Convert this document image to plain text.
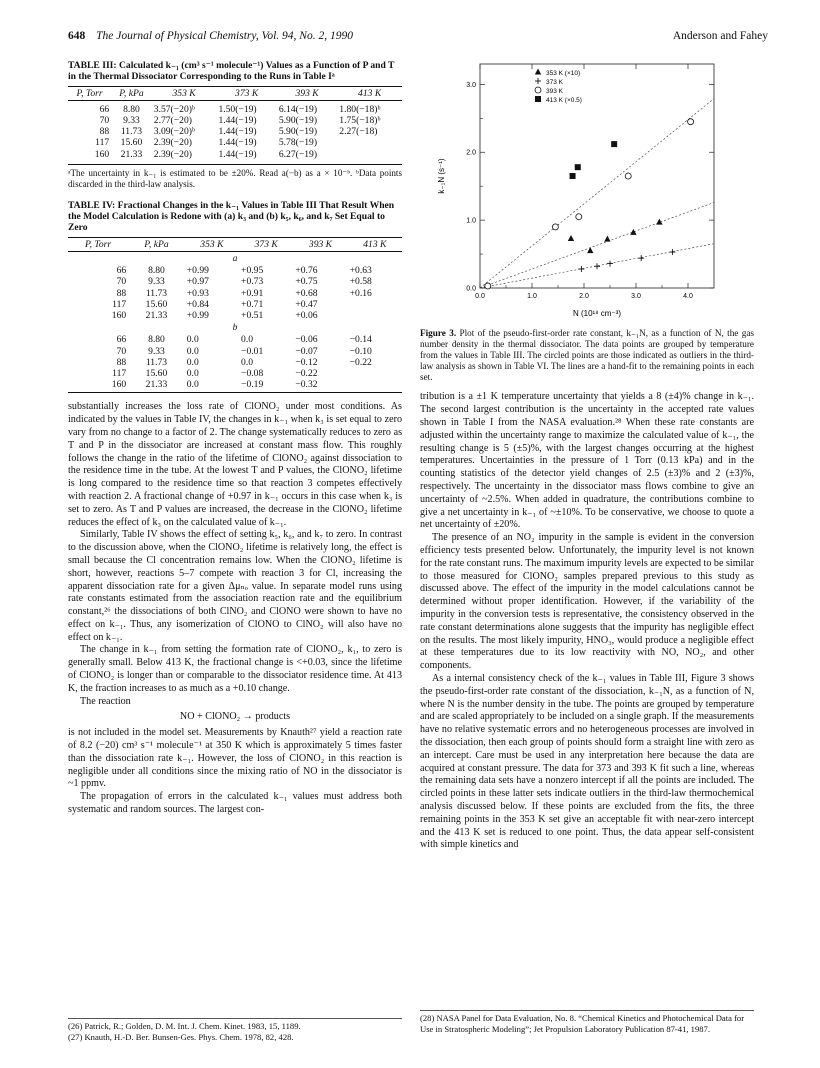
648 The Journal of Physical Chemistry, Vol. 94, No. 2, 1990	Anderson and Fahey
TABLE III: Calculated k₋₁ (cm³ s⁻¹ molecule⁻¹) Values as a Function of P and T in the Thermal Dissociator Corresponding to the Runs in Table Iᵃ
P, Torr	P, kPa	353 K	373 K	393 K	413 K
66	8.80	3.57(−20)ᵇ	1.50(−19)	6.14(−19)	1.80(−18)ᵇ
70	9.33	2.77(−20)	1.44(−19)	5.90(−19)	1.75(−18)ᵇ
88	11.73	3.09(−20)ᵇ	1.44(−19)	5.90(−19)	2.27(−18)
117	15.60	2.39(−20)	1.44(−19)	5.78(−19)	
160	21.33	2.39(−20)	1.44(−19)	6.27(−19)	
ᵃThe uncertainty in k₋₁ is estimated to be ±20%. Read a(−b) as a × 10⁻ᵇ. ᵇData points discarded in the third-law analysis.
TABLE IV: Fractional Changes in the k₋₁ Values in Table III That Result When the Model Calculation is Redone with (a) k₃ and (b) k₅, k₆, and k₇ Set Equal to Zero
P, Torr	P, kPa	353 K	373 K	393 K	413 K
a					
66	8.80	+0.99	+0.95	+0.76	+0.63
70	9.33	+0.97	+0.73	+0.75	+0.58
88	11.73	+0.93	+0.91	+0.68	+0.16
117	15.60	+0.84	+0.71	+0.47	
160	21.33	+0.99	+0.51	+0.06	
b					
66	8.80	0.0	0.0	−0.06	−0.14
70	9.33	0.0	−0.01	−0.07	−0.10
88	11.73	0.0	0.0	−0.12	−0.22
117	15.60	0.0	−0.08	−0.22	
160	21.33	0.0	−0.19	−0.32	

substantially increases the loss rate of ClONO₂ under most conditions. As indicated by the values in Table IV, the changes in k₋₁ when k₃ is set equal to zero vary from no change to a factor of 2. The change systematically reduces to zero as T and P in the dissociator are increased at constant mass flow. This roughly follows the change in the ratio of the lifetime of ClONO₂ against dissociation to the residence time in the tube. At the lowest T and P values, the ClONO₂ lifetime is long compared to the residence time so that reaction 3 competes effectively with reaction 2. A fractional change of +0.97 in k₋₁ occurs in this case when k₃ is set to zero. As T and P values are increased, the decrease in the ClONO₂ lifetime reduces the effect of k₃ on the calculated value of k₋₁.

Similarly, Table IV shows the effect of setting k₅, k₆, and k₇ to zero. In contrast to the discussion above, when the ClONO₂ lifetime is relatively long, the effect is small because the Cl concentration remains low. When the ClONO₂ lifetime is short, however, reactions 5–7 compete with reaction 3 for Cl, increasing the apparent dissociation rate for a given Δμₙₒ value. In separate model runs using rate constants estimated from the association reaction rate and the equilibrium constant,²⁶ the dissociations of both ClNO₂ and ClONO were shown to have no effect on k₋₁. Thus, any isomerization of ClONO to ClNO₂ will also have no effect on k₋₁.

The change in k₋₁ from setting the formation rate of ClONO₂, k₁, to zero is generally small. Below 413 K, the fractional change is <+0.03, since the lifetime of ClONO₂ is longer than or comparable to the dissociator residence time. At 413 K, the fraction increases to as much as a +0.10 change.

The reaction

NO + ClONO₂ → products

is not included in the model set. Measurements by Knauth²⁷ yield a reaction rate of 8.2 (−20) cm³ s⁻¹ molecule⁻¹ at 350 K which is approximately 5 times faster than the dissociation rate k₋₁. However, the loss of ClONO₂ in this reaction is negligible under all conditions since the mixing ratio of NO in the dissociator is ~1 ppmv.

The propagation of errors in the calculated k₋₁ values must address both systematic and random sources. The largest con-

(26) Patrick, R.; Golden, D. M. Int. J. Chem. Kinet. 1983, 15, 1189.
(27) Knauth, H.-D. Ber. Bunsen-Ges. Phys. Chem. 1978, 82, 428.
0.0	1.0	2.0	3.0	4.0
0.0
1.0
2.0
3.0
353 K (×10)
373 K
393 K
413 K (×0.5)
k₋₁N (s⁻¹)
N (10¹⁸ cm⁻³)
Figure 3. Plot of the pseudo-first-order rate constant, k₋₁N, as a function of N, the gas number density in the thermal dissociator. The data points are grouped by temperature from the values in Table III. The circled points are those indicated as outliers in the third-law analysis as shown in Table VI. The lines are a hand-fit to the remaining points in each set.

tribution is a ±1 K temperature uncertainty that yields a 8 (±4)% change in k₋₁. The second largest contribution is the uncertainty in the accepted rate values shown in Table I from the NASA evaluation.²⁸ When these rate constants are adjusted within the uncertainty range to maximize the calculated value of k₋₁, the resulting change is 5 (±5)%, with the largest changes occurring at the highest temperatures. Uncertainties in the pressure of 1 Torr (0.13 kPa) and in the counting statistics of the detector yield changes of 2.5 (±3)% and 2 (±3)%, respectively. The uncertainty in the dissociator mass flows combine to give an uncertainty of ~2.5%. When added in quadrature, the contributions combine to give a net uncertainty in k₋₁ of ~±10%. To be conservative, we choose to quote a net uncertainty of ±20%.

The presence of an NO₂ impurity in the sample is evident in the conversion efficiency tests presented below. Unfortunately, the impurity level is not known for the rate constant runs. The maximum impurity levels are expected to be similar to those measured for ClONO₂ samples prepared previous to this study as discussed above. The effect of the impurity in the model calculations cannot be determined without proper identification. However, if the variability of the impurity in the conversion tests is representative, the consistency observed in the rate constant determinations alone suggests that the impurity has negligible effect on the results. The most likely impurity, HNO₃, would produce a negligible effect at these temperatures due to its low reactivity with NO, NO₂, and other components.

As a internal consistency check of the k₋₁ values in Table III, Figure 3 shows the pseudo-first-order rate constant of the dissociation, k₋₁N, as a function of N, where N is the number density in the tube. The points are grouped by temperature and are scaled appropriately to be included on a single graph. If the measurements have no relative systematic errors and no heterogeneous processes are involved in the dissociation, then each group of points should form a straight line with zero as an intercept. Care must be used in any interpretation here because the data are acquired at constant pressure. The data for 373 and 393 K fit such a line, whereas the remaining data sets have a nonzero intercept if all the points are included. The circled points in these latter sets indicate outliers in the third-law thermochemical analysis discussed below. If these points are excluded from the fits, the three remaining points in the 353 K set give an acceptable fit with near-zero intercept and the 413 K set is reduced to one point. Thus, the data appear self-consistent with simple kinetics and

(28) NASA Panel for Data Evaluation, No. 8. “Chemical Kinetics and Photochemical Data for Use in Stratospheric Modeling”; Jet Propulsion Laboratory Publication 87-41, 1987.
